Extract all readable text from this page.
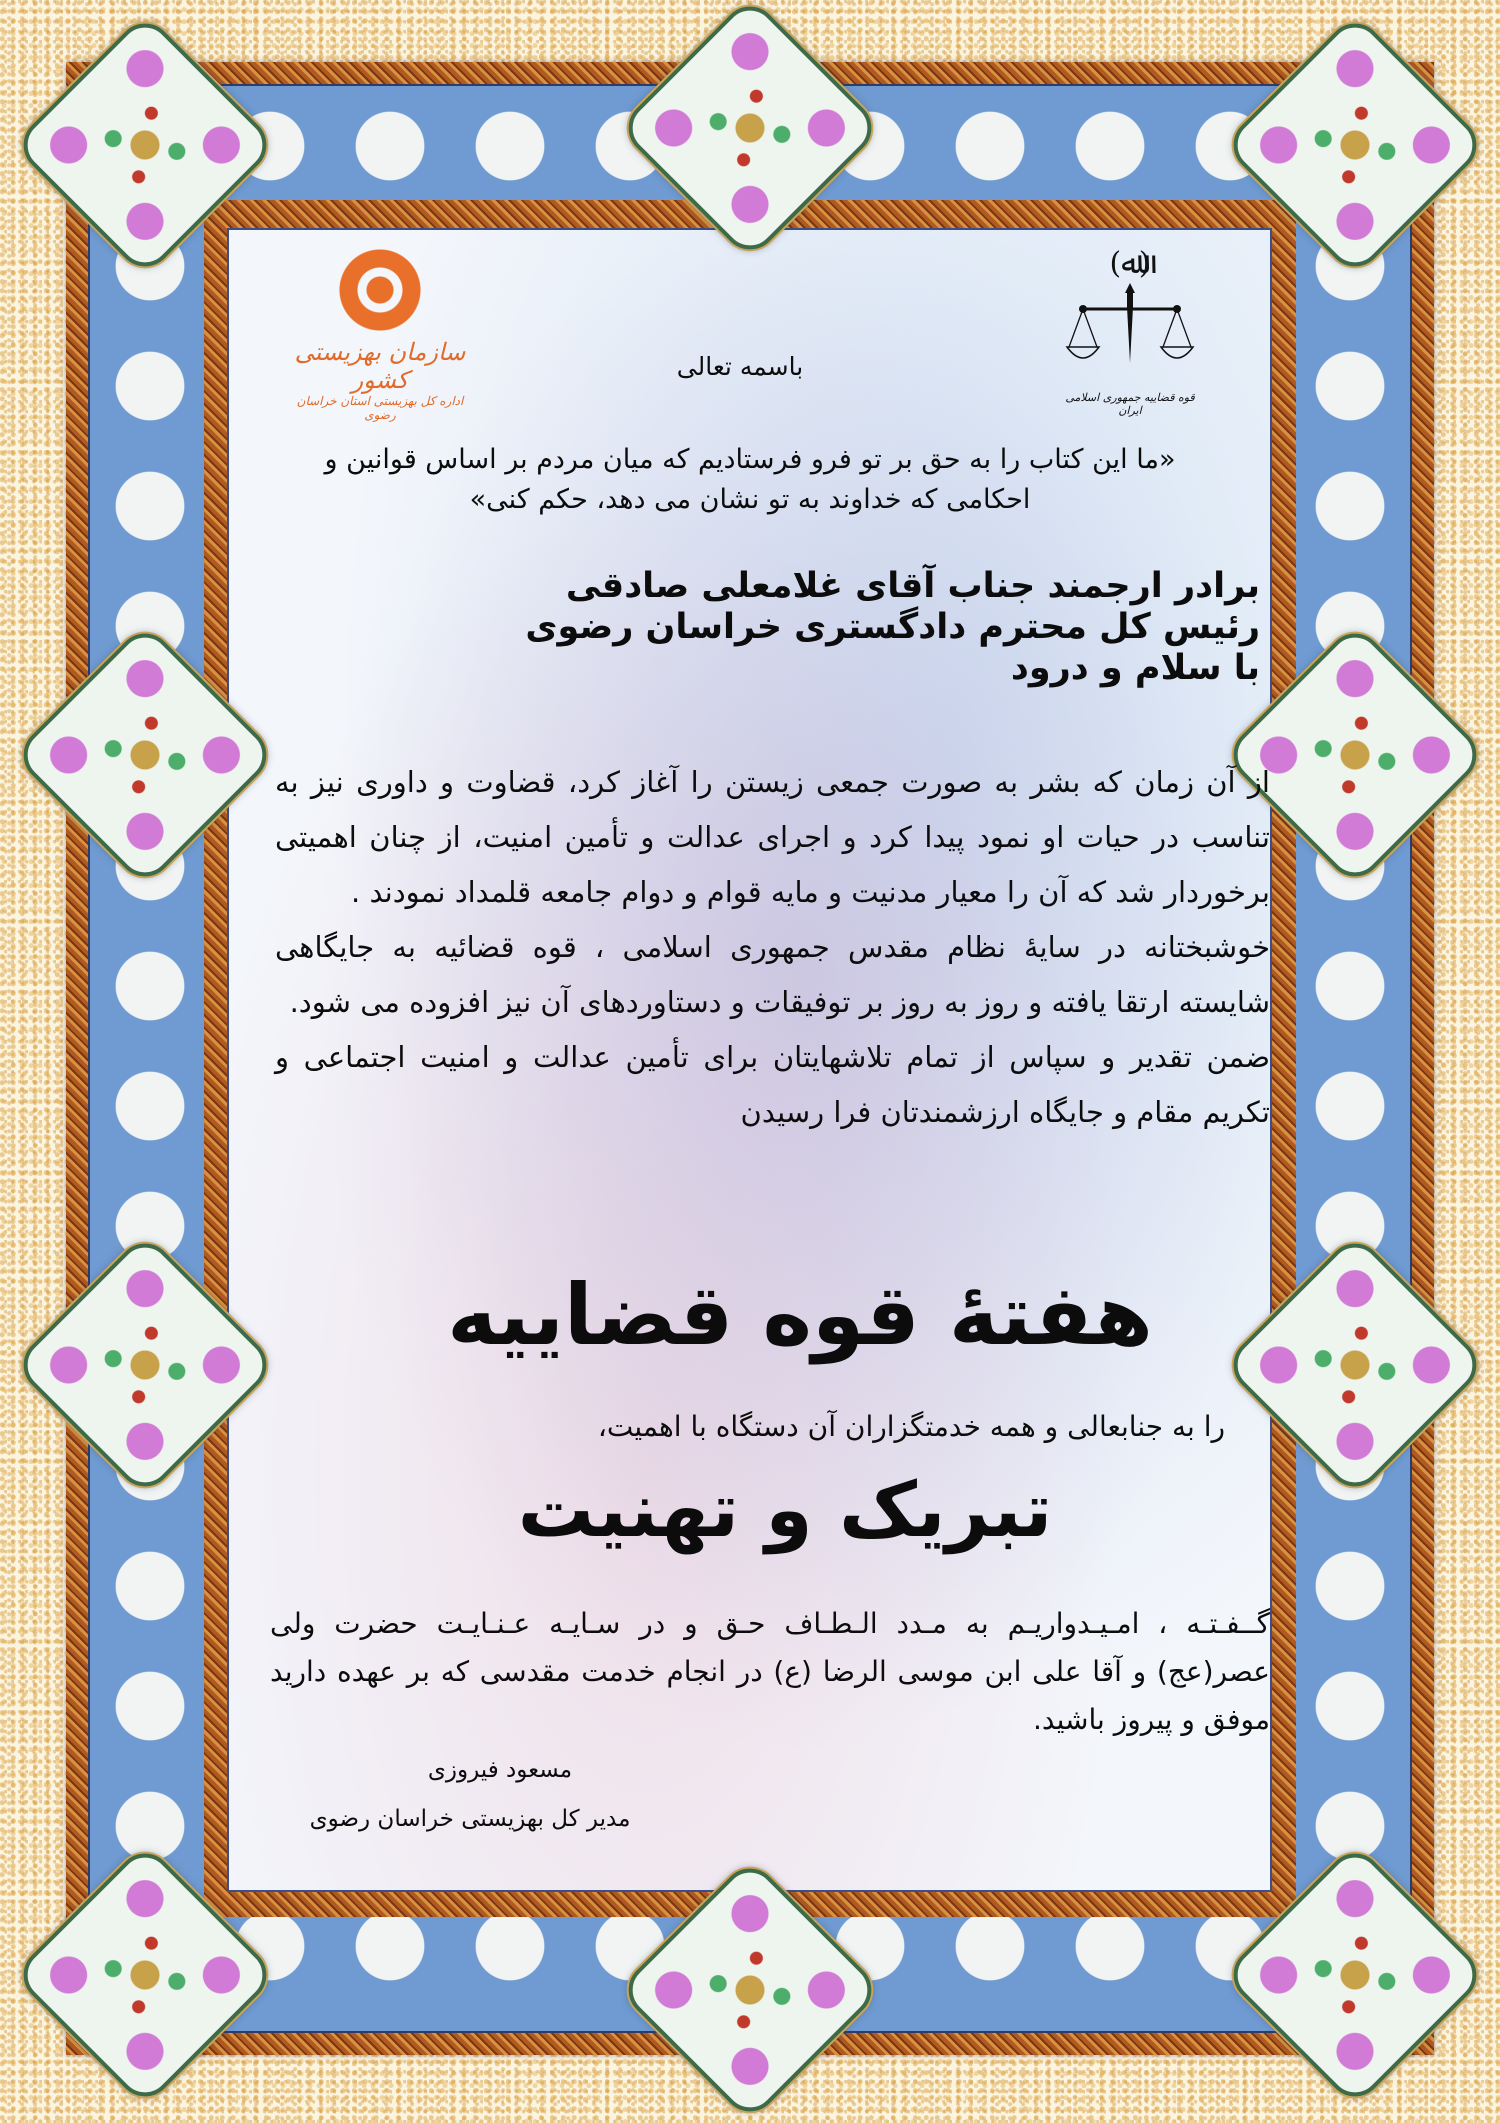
سازمان بهزیستی کشور
اداره کل بهزیستی استان خراسان رضوی
(ﷲ)
قوه قضاییه جمهوری اسلامی ایران
باسمه تعالی
«ما این کتاب را به حق بر تو فرو فرستادیم که میان مردم بر اساس قوانین و
احکامی که خداوند به تو نشان می دهد، حکم کنی»
برادر ارجمند جناب آقای غلامعلی صادقی
رئیس کل محترم دادگستری خراسان رضوی
با سلام و درود

از آن زمان که بشر به صورت جمعی زیستن را آغاز کرد، قضاوت و داوری نیز به تناسب در حیات او نمود پیدا کرد و اجرای عدالت و تأمین امنیت، از چنان اهمیتی برخوردار شد که آن را معیار مدنیت و مایه قوام و دوام جامعه قلمداد نمودند .

خوشبختانه در سایۀ نظام مقدس جمهوری اسلامی ، قوه قضائیه به جایگاهی شایسته ارتقا یافته و روز به روز بر توفیقات و دستاوردهای آن نیز افزوده می شود.

ضمن تقدیر و سپاس از تمام تلاشهایتان برای تأمین عدالت و امنیت اجتماعی و تکریم مقام و جایگاه ارزشمندتان فرا رسیدن

هفتۀ قوه قضاییه
را به جنابعالی و همه خدمتگزاران آن دستگاه با اهمیت،
تبریک و تهنیت

گــفـتـه ، امـیـدواریـم به مـدد الـطـاف حـق و در سـایـه عـنـایـت حضرت ولی عصر(عج) و آقا علی ابن موسی الرضا (ع) در انجام خدمت مقدسی که بر عهده دارید موفق و پیروز باشید.

مسعود فیروزی
مدیر کل بهزیستی خراسان رضوی
